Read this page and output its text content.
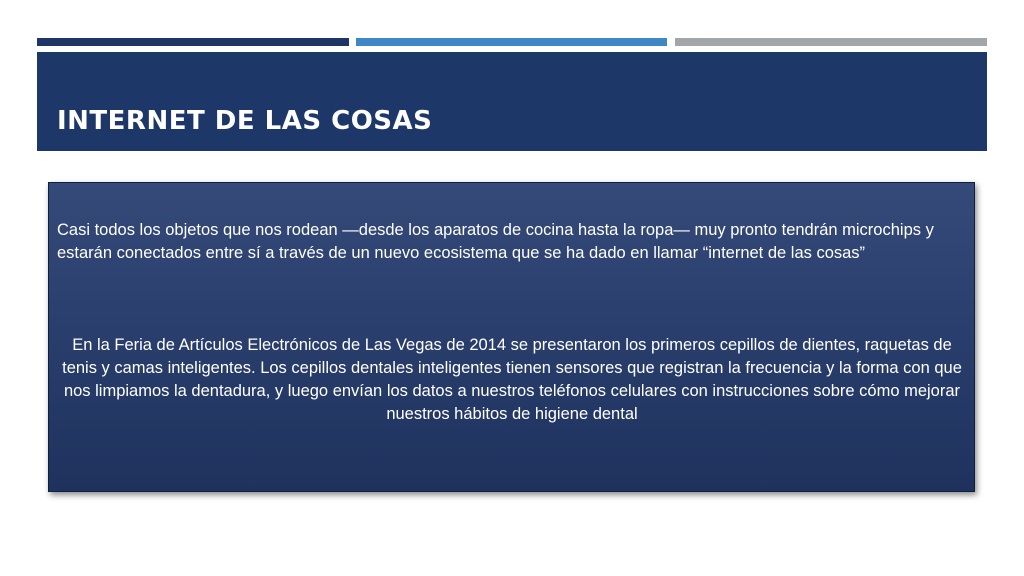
INTERNET DE LAS COSAS

Casi todos los objetos que nos rodean —desde los aparatos de cocina hasta la ropa— muy pronto tendrán microchips y estarán conectados entre sí a través de un nuevo ecosistema que se ha dado en llamar “internet de las cosas”

En la Feria de Artículos Electrónicos de Las Vegas de 2014 se presentaron los primeros cepillos de dientes, raquetas de tenis y camas inteligentes. Los cepillos dentales inteligentes tienen sensores que registran la frecuencia y la forma con que nos limpiamos la dentadura, y luego envían los datos a nuestros teléfonos celulares con instrucciones sobre cómo mejorar nuestros hábitos de higiene dental
